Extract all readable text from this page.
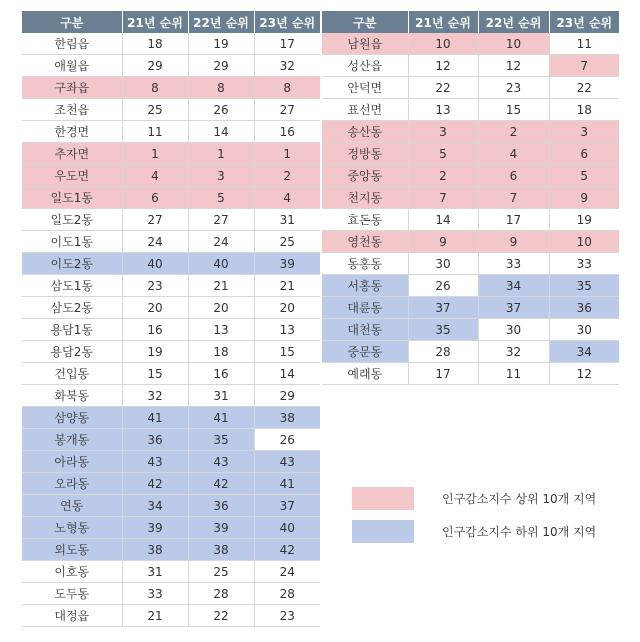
구분	21년 순위	22년 순위	23년 순위
한림읍	18	19	17
애월읍	29	29	32
구좌읍	8	8	8
조천읍	25	26	27
한경면	11	14	16
추자면	1	1	1
우도면	4	3	2
일도1동	6	5	4
일도2동	27	27	31
이도1동	24	24	25
이도2동	40	40	39
삼도1동	23	21	21
삼도2동	20	20	20
용담1동	16	13	13
용담2동	19	18	15
건입동	15	16	14
화북동	32	31	29
삼양동	41	41	38
봉개동	36	35	26
아라동	43	43	43
오라동	42	42	41
연동	34	36	37
노형동	39	39	40
외도동	38	38	42
이호동	31	25	24
도두동	33	28	28
대정읍	21	22	23
구분	21년 순위	22년 순위	23년 순위
남원읍	10	10	11
성산읍	12	12	7
안덕면	22	23	22
표선면	13	15	18
송산동	3	2	3
정방동	5	4	6
중앙동	2	6	5
천지동	7	7	9
효돈동	14	17	19
영천동	9	9	10
동홍동	30	33	33
서홍동	26	34	35
대륜동	37	37	36
대천동	35	30	30
중문동	28	32	34
예래동	17	11	12
인구감소지수 상위 10개 지역
인구감소지수 하위 10개 지역
